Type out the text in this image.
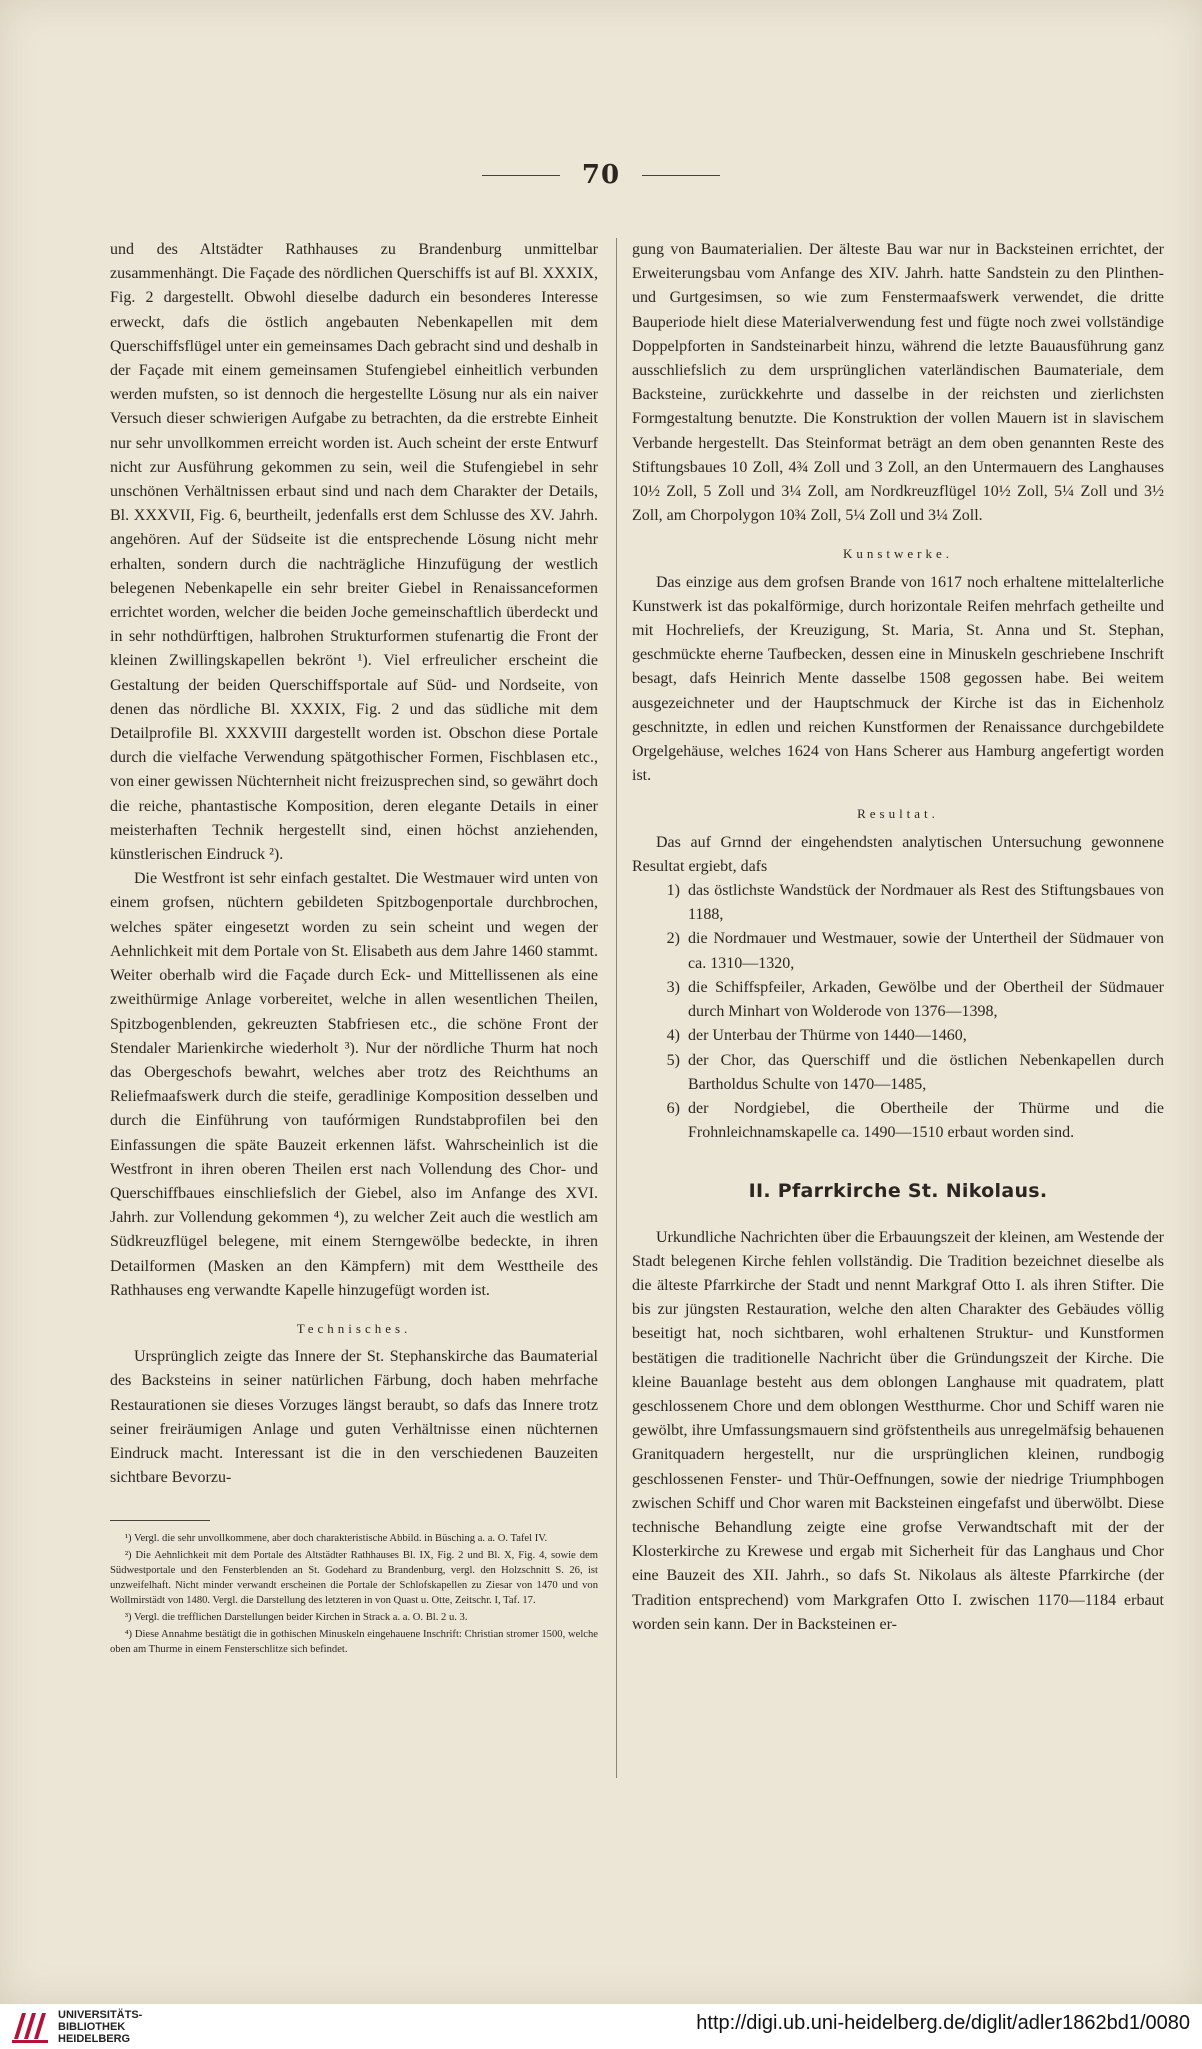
70

und des Altstädter Rathhauses zu Brandenburg unmittelbar zusammenhängt. Die Façade des nördlichen Querschiffs ist auf Bl. XXXIX, Fig. 2 dargestellt. Obwohl dieselbe dadurch ein besonderes Interesse erweckt, dafs die östlich angebauten Nebenkapellen mit dem Querschiffsflügel unter ein gemeinsames Dach gebracht sind und deshalb in der Façade mit einem gemeinsamen Stufengiebel einheitlich verbunden werden mufsten, so ist dennoch die hergestellte Lösung nur als ein naiver Versuch dieser schwierigen Aufgabe zu betrachten, da die erstrebte Einheit nur sehr unvollkommen erreicht worden ist. Auch scheint der erste Entwurf nicht zur Ausführung gekommen zu sein, weil die Stufengiebel in sehr unschönen Verhältnissen erbaut sind und nach dem Charakter der Details, Bl. XXXVII, Fig. 6, beurtheilt, jedenfalls erst dem Schlusse des XV. Jahrh. angehören. Auf der Südseite ist die entsprechende Lösung nicht mehr erhalten, sondern durch die nachträgliche Hinzufügung der westlich belegenen Nebenkapelle ein sehr breiter Giebel in Renaissanceformen errichtet worden, welcher die beiden Joche gemeinschaftlich überdeckt und in sehr nothdürftigen, halbrohen Strukturformen stufenartig die Front der kleinen Zwillingskapellen bekrönt ¹). Viel erfreulicher erscheint die Gestaltung der beiden Querschiffsportale auf Süd- und Nordseite, von denen das nördliche Bl. XXXIX, Fig. 2 und das südliche mit dem Detailprofile Bl. XXXVIII dargestellt worden ist. Obschon diese Portale durch die vielfache Verwendung spätgothischer Formen, Fischblasen etc., von einer gewissen Nüchternheit nicht freizusprechen sind, so gewährt doch die reiche, phantastische Komposition, deren elegante Details in einer meisterhaften Technik hergestellt sind, einen höchst anziehenden, künstlerischen Eindruck ²).

Die Westfront ist sehr einfach gestaltet. Die Westmauer wird unten von einem grofsen, nüchtern gebildeten Spitzbogenportale durchbrochen, welches später eingesetzt worden zu sein scheint und wegen der Aehnlichkeit mit dem Portale von St. Elisabeth aus dem Jahre 1460 stammt. Weiter oberhalb wird die Façade durch Eck- und Mittellissenen als eine zweithürmige Anlage vorbereitet, welche in allen wesentlichen Theilen, Spitzbogenblenden, gekreuzten Stabfriesen etc., die schöne Front der Stendaler Marienkirche wiederholt ³). Nur der nördliche Thurm hat noch das Obergeschofs bewahrt, welches aber trotz des Reichthums an Reliefmaafswerk durch die steife, geradlinige Komposition desselben und durch die Einführung von taufórmigen Rundstabprofilen bei den Einfassungen die späte Bauzeit erkennen läfst. Wahrscheinlich ist die Westfront in ihren oberen Theilen erst nach Vollendung des Chor- und Querschiffbaues einschliefslich der Giebel, also im Anfange des XVI. Jahrh. zur Vollendung gekommen ⁴), zu welcher Zeit auch die westlich am Südkreuzflügel belegene, mit einem Sterngewölbe bedeckte, in ihren Detailformen (Masken an den Kämpfern) mit dem Westtheile des Rathhauses eng verwandte Kapelle hinzugefügt worden ist.

Technisches.

Ursprünglich zeigte das Innere der St. Stephanskirche das Baumaterial des Backsteins in seiner natürlichen Färbung, doch haben mehrfache Restaurationen sie dieses Vorzuges längst beraubt, so dafs das Innere trotz seiner freiräumigen Anlage und guten Verhältnisse einen nüchternen Eindruck macht. Interessant ist die in den verschiedenen Bauzeiten sichtbare Bevorzu-

¹) Vergl. die sehr unvollkommene, aber doch charakteristische Abbild. in Büsching a. a. O. Tafel IV.

²) Die Aehnlichkeit mit dem Portale des Altstädter Rathhauses Bl. IX, Fig. 2 und Bl. X, Fig. 4, sowie dem Südwestportale und den Fensterblenden an St. Godehard zu Brandenburg, vergl. den Holzschnitt S. 26, ist unzweifelhaft. Nicht minder verwandt erscheinen die Portale der Schlofskapellen zu Ziesar von 1470 und von Wollmirstädt von 1480. Vergl. die Darstellung des letzteren in von Quast u. Otte, Zeitschr. I, Taf. 17.

³) Vergl. die trefflichen Darstellungen beider Kirchen in Strack a. a. O. Bl. 2 u. 3.

⁴) Diese Annahme bestätigt die in gothischen Minuskeln eingehauene Inschrift: Christian stromer 1500, welche oben am Thurme in einem Fensterschlitze sich befindet.

gung von Baumaterialien. Der älteste Bau war nur in Backsteinen errichtet, der Erweiterungsbau vom Anfange des XIV. Jahrh. hatte Sandstein zu den Plinthen- und Gurtgesimsen, so wie zum Fenstermaafswerk verwendet, die dritte Bauperiode hielt diese Materialverwendung fest und fügte noch zwei vollständige Doppelpforten in Sandsteinarbeit hinzu, während die letzte Bauausführung ganz ausschliefslich zu dem ursprünglichen vaterländischen Baumateriale, dem Backsteine, zurückkehrte und dasselbe in der reichsten und zierlichsten Formgestaltung benutzte. Die Konstruktion der vollen Mauern ist in slavischem Verbande hergestellt. Das Steinformat beträgt an dem oben genannten Reste des Stiftungsbaues 10 Zoll, 4¾ Zoll und 3 Zoll, an den Untermauern des Langhauses 10½ Zoll, 5 Zoll und 3¼ Zoll, am Nordkreuzflügel 10½ Zoll, 5¼ Zoll und 3½ Zoll, am Chorpolygon 10¾ Zoll, 5¼ Zoll und 3¼ Zoll.

Kunstwerke.

Das einzige aus dem grofsen Brande von 1617 noch erhaltene mittelalterliche Kunstwerk ist das pokalförmige, durch horizontale Reifen mehrfach getheilte und mit Hochreliefs, der Kreuzigung, St. Maria, St. Anna und St. Stephan, geschmückte eherne Taufbecken, dessen eine in Minuskeln geschriebene Inschrift besagt, dafs Heinrich Mente dasselbe 1508 gegossen habe. Bei weitem ausgezeichneter und der Hauptschmuck der Kirche ist das in Eichenholz geschnitzte, in edlen und reichen Kunstformen der Renaissance durchgebildete Orgelgehäuse, welches 1624 von Hans Scherer aus Hamburg angefertigt worden ist.

Resultat.

Das auf Grnnd der eingehendsten analytischen Untersuchung gewonnene Resultat ergiebt, dafs

1) das östlichste Wandstück der Nordmauer als Rest des Stiftungsbaues von 1188,
2) die Nordmauer und Westmauer, sowie der Untertheil der Südmauer von ca. 1310—1320,
3) die Schiffspfeiler, Arkaden, Gewölbe und der Obertheil der Südmauer durch Minhart von Wolderode von 1376—1398,
4) der Unterbau der Thürme von 1440—1460,
5) der Chor, das Querschiff und die östlichen Nebenkapellen durch Bartholdus Schulte von 1470—1485,
6) der Nordgiebel, die Obertheile der Thürme und die Frohnleichnamskapelle ca. 1490—1510 erbaut worden sind.
II. Pfarrkirche St. Nikolaus.

Urkundliche Nachrichten über die Erbauungszeit der kleinen, am Westende der Stadt belegenen Kirche fehlen vollständig. Die Tradition bezeichnet dieselbe als die älteste Pfarrkirche der Stadt und nennt Markgraf Otto I. als ihren Stifter. Die bis zur jüngsten Restauration, welche den alten Charakter des Gebäudes völlig beseitigt hat, noch sichtbaren, wohl erhaltenen Struktur- und Kunstformen bestätigen die traditionelle Nachricht über die Gründungszeit der Kirche. Die kleine Bauanlage besteht aus dem oblongen Langhause mit quadratem, platt geschlossenem Chore und dem oblongen Westthurme. Chor und Schiff waren nie gewölbt, ihre Umfassungsmauern sind gröfstentheils aus unregelmäfsig behauenen Granitquadern hergestellt, nur die ursprünglichen kleinen, rundbogig geschlossenen Fenster- und Thür-Oeffnungen, sowie der niedrige Triumphbogen zwischen Schiff und Chor waren mit Backsteinen eingefafst und überwölbt. Diese technische Behandlung zeigte eine grofse Verwandtschaft mit der der Klosterkirche zu Krewese und ergab mit Sicherheit für das Langhaus und Chor eine Bauzeit des XII. Jahrh., so dafs St. Nikolaus als älteste Pfarrkirche (der Tradition entsprechend) vom Markgrafen Otto I. zwischen 1170—1184 erbaut worden sein kann. Der in Backsteinen er-

UNIVERSITÄTS-
BIBLIOTHEK
HEIDELBERG
http://digi.ub.uni-heidelberg.de/diglit/adler1862bd1/0080
